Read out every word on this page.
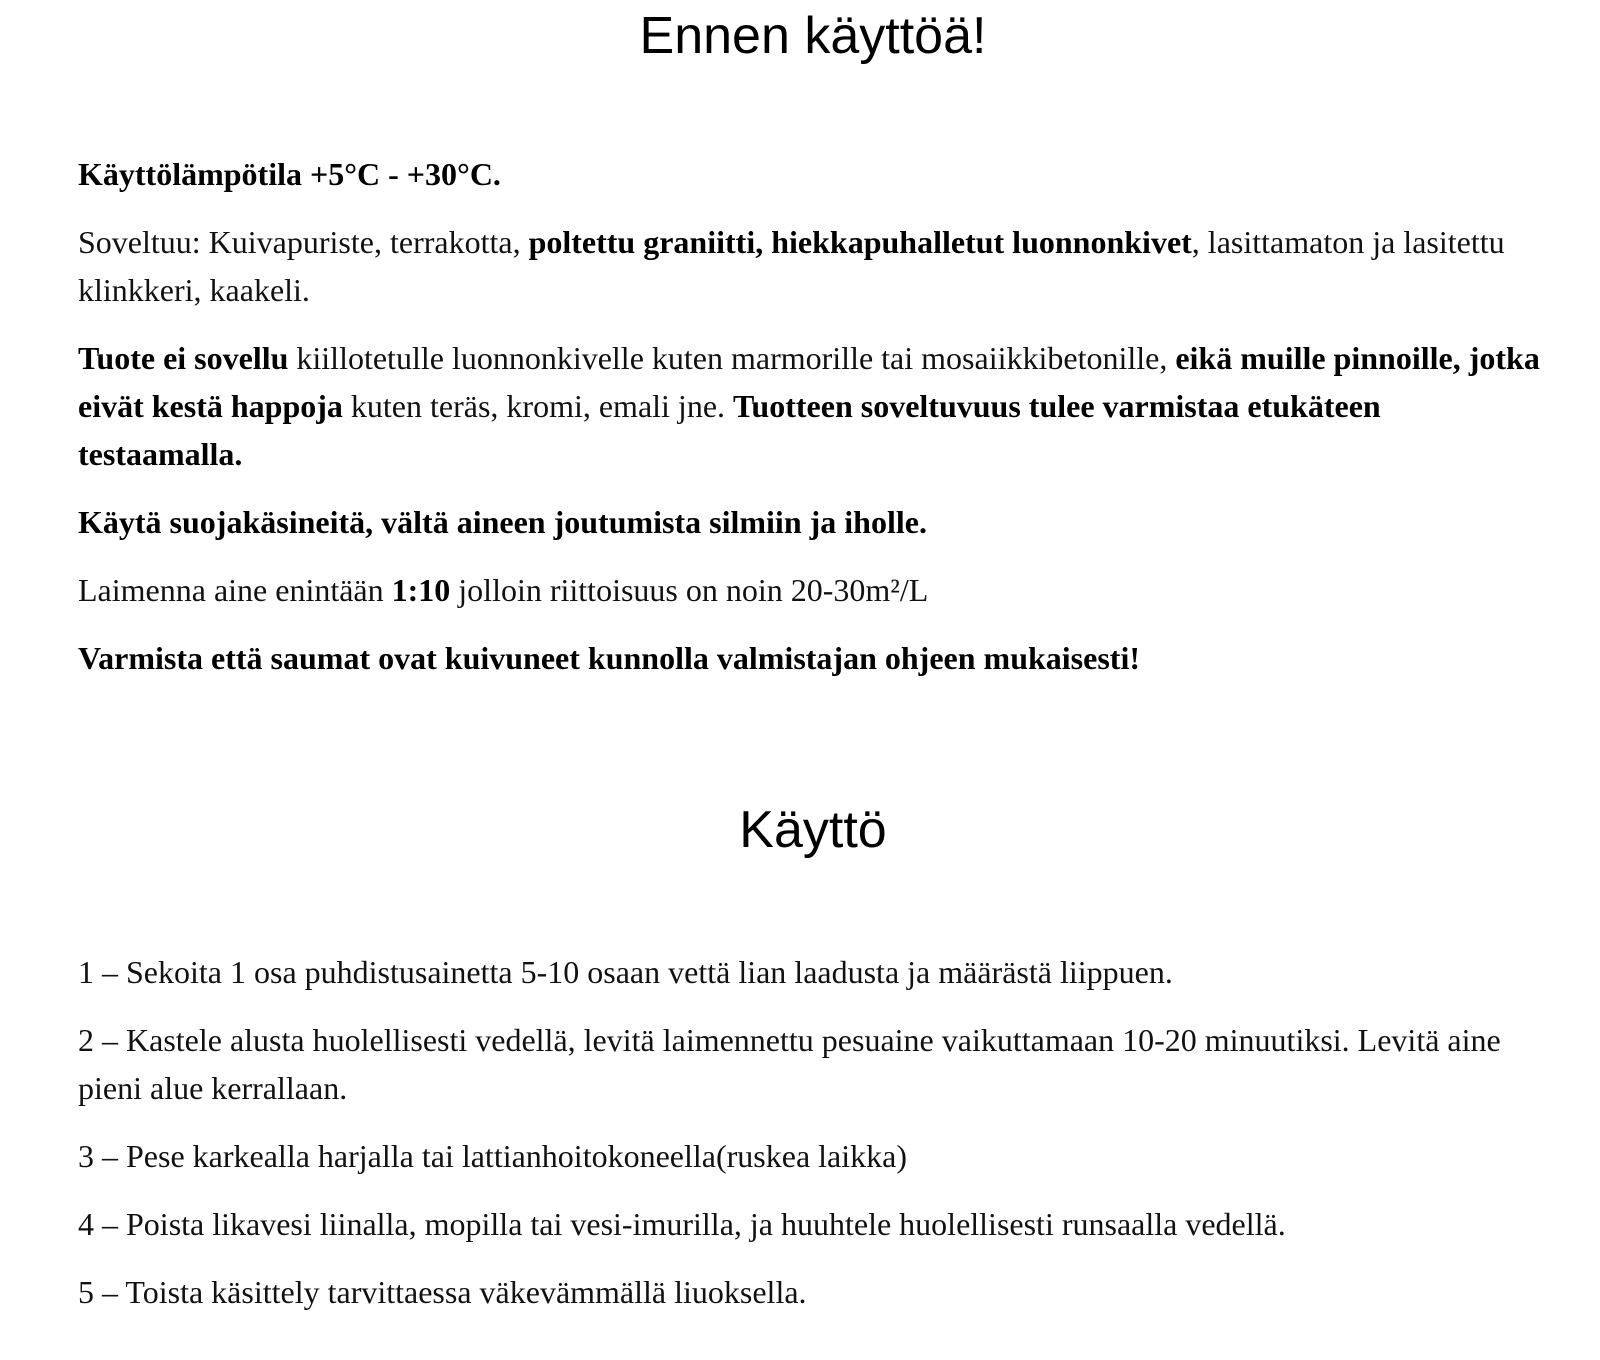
Ennen käyttöä!

Käyttölämpötila +5°C - +30°C.

Soveltuu: Kuivapuriste, terrakotta, poltettu graniitti, hiekkapuhalletut luonnonkivet, lasittamaton ja lasitettu klinkkeri, kaakeli.

Tuote ei sovellu kiillotetulle luonnonkivelle kuten marmorille tai mosaiikkibetonille, eikä muille pinnoille, jotka eivät kestä happoja kuten teräs, kromi, emali jne. Tuotteen soveltuvuus tulee varmistaa etukäteen testaamalla.

Käytä suojakäsineitä, vältä aineen joutumista silmiin ja iholle.

Laimenna aine enintään 1:10 jolloin riittoisuus on noin 20-30m²/L

Varmista että saumat ovat kuivuneet kunnolla valmistajan ohjeen mukaisesti!

Käyttö

1 – Sekoita 1 osa puhdistusainetta 5-10 osaan vettä lian laadusta ja määrästä liippuen.

2 – Kastele alusta huolellisesti vedellä, levitä laimennettu pesuaine vaikuttamaan 10-20 minuutiksi. Levitä aine pieni alue kerrallaan.

3 – Pese karkealla harjalla tai lattianhoitokoneella(ruskea laikka)

4 – Poista likavesi liinalla, mopilla tai vesi-imurilla, ja huuhtele huolellisesti runsaalla vedellä.

5 – Toista käsittely tarvittaessa väkevämmällä liuoksella.
